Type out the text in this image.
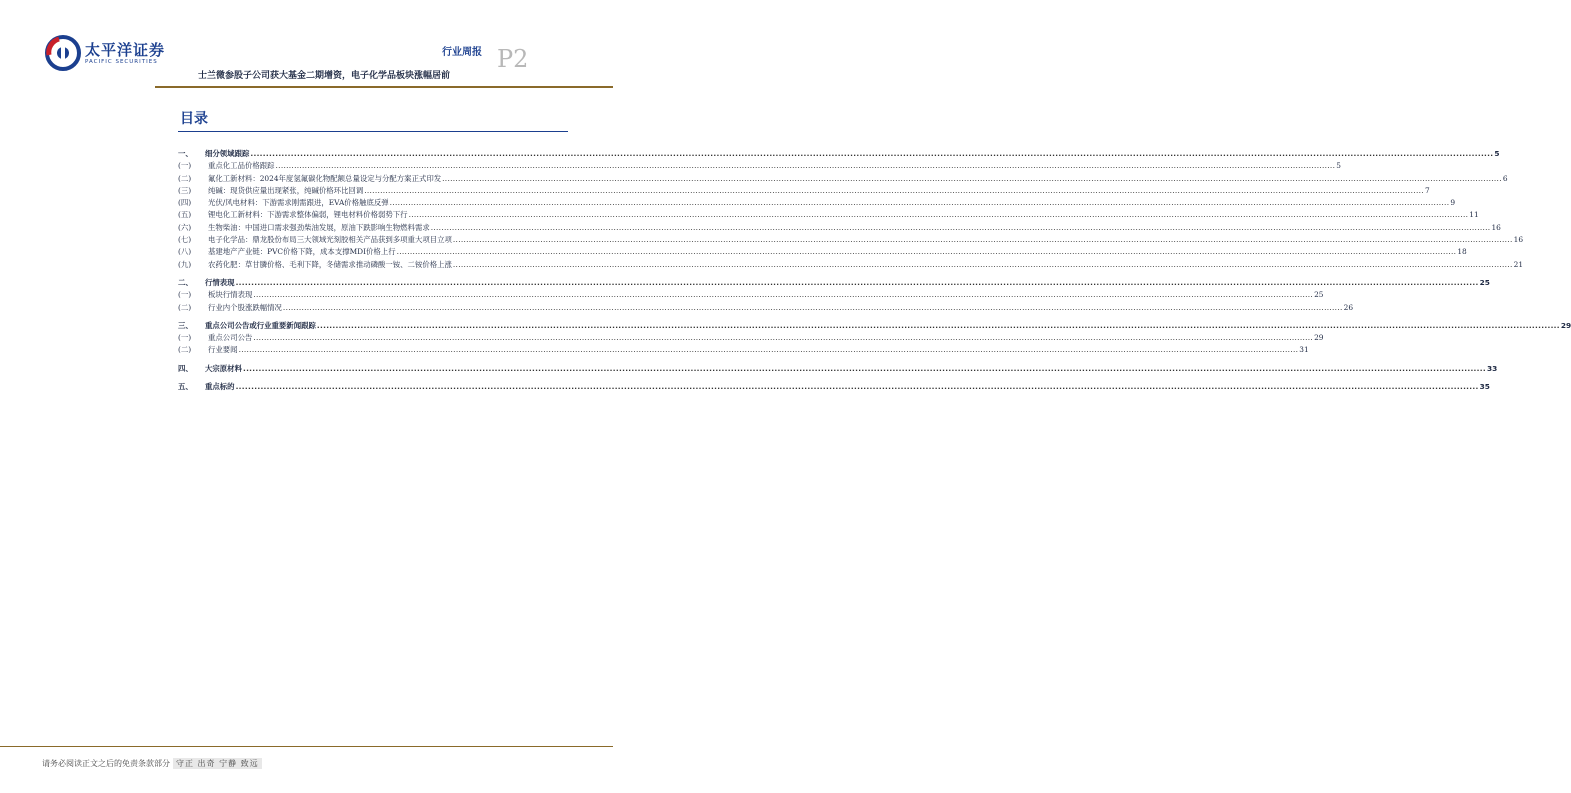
太平洋证券
PACIFIC SECURITIES
行业周报 P2
士兰微参股子公司获大基金二期增资，电子化学品板块涨幅居前
目录
一、	细分领域跟踪 ................................................................................................................................................................................................................................................................................................................................................................................................................ 5
(一)	重点化工品价格跟踪 ................................................................................................................................................................................................................................................................................................................................................................................................................ 5
(二)	氟化工新材料：2024年度氢氟碳化物配额总量设定与分配方案正式印发 ................................................................................................................................................................................................................................................................................................................................................................................................................ 6
(三)	纯碱：现货供应量出现紧张，纯碱价格环比回调 ................................................................................................................................................................................................................................................................................................................................................................................................................ 7
(四)	光伏/风电材料：下游需求刚需跟进，EVA价格触底反弹 ................................................................................................................................................................................................................................................................................................................................................................................................................ 9
(五)	锂电化工新材料：下游需求整体偏弱，锂电材料价格弱势下行 ................................................................................................................................................................................................................................................................................................................................................................................................................ 11
(六)	生物柴油：中国进口需求强劲柴油发展，原油下跌影响生物燃料需求 ................................................................................................................................................................................................................................................................................................................................................................................................................ 16
(七)	电子化学品：鼎龙股份布局三大领域光刻胶相关产品获到多项重大项目立项 ................................................................................................................................................................................................................................................................................................................................................................................................................ 16
(八)	基建地产产业链：PVC价格下降，成本支撑MDI价格上行 ................................................................................................................................................................................................................................................................................................................................................................................................................ 18
(九)	农药化肥：草甘膦价格、毛利下降，冬储需求推动磷酸一铵、二铵价格上涨 ................................................................................................................................................................................................................................................................................................................................................................................................................ 21
二、	行情表现 ................................................................................................................................................................................................................................................................................................................................................................................................................ 25
(一)	板块行情表现 ................................................................................................................................................................................................................................................................................................................................................................................................................ 25
(二)	行业内个股涨跌幅情况 ................................................................................................................................................................................................................................................................................................................................................................................................................ 26
三、	重点公司公告或行业重要新闻跟踪 ................................................................................................................................................................................................................................................................................................................................................................................................................ 29
(一)	重点公司公告 ................................................................................................................................................................................................................................................................................................................................................................................................................ 29
(二)	行业要闻 ................................................................................................................................................................................................................................................................................................................................................................................................................ 31
四、	大宗原材料 ................................................................................................................................................................................................................................................................................................................................................................................................................ 33
五、	重点标的 ................................................................................................................................................................................................................................................................................................................................................................................................................ 35
请务必阅读正文之后的免责条款部分 守正 出奇 宁静 致远
